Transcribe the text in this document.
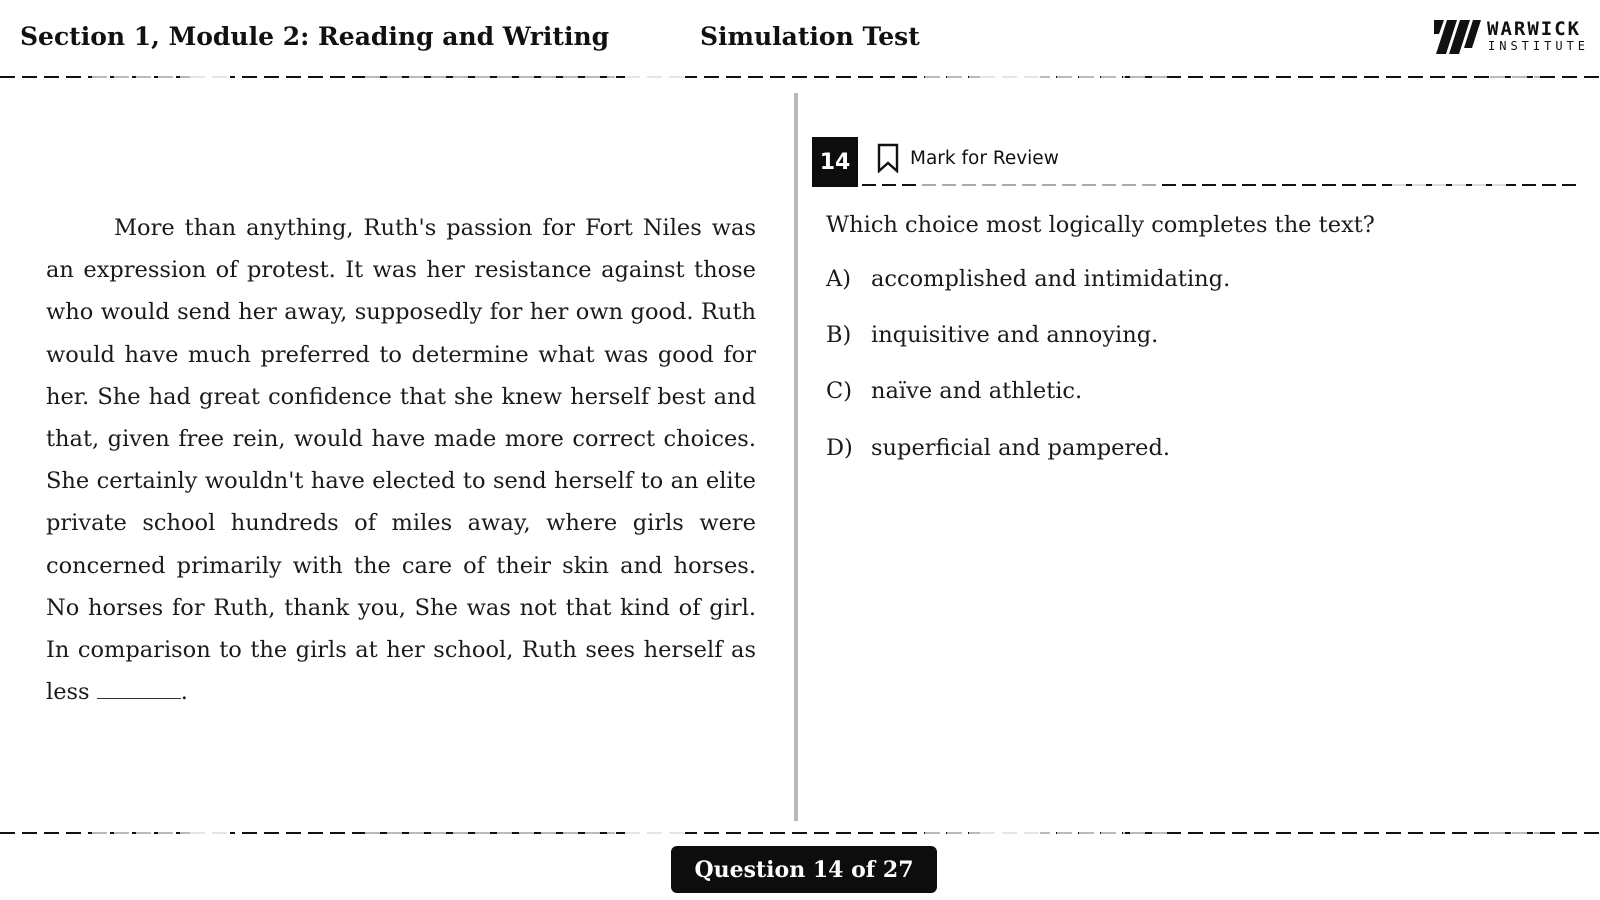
Section 1, Module 2: Reading and Writing	Simulation Test	WARWICK
INSTITUTE
More than anything, Ruth's passion for Fort Niles was an expression of protest. It was her resistance against those who would send her away, supposedly for her own good. Ruth would have much preferred to determine what was good for her. She had great confidence that she knew herself best and that, given free rein, would have made more correct choices. She certainly wouldn't have elected to send herself to an elite private school hundreds of miles away, where girls were concerned primarily with the care of their skin and horses. No horses for Ruth, thank you, She was not that kind of girl. In comparison to the girls at her school, Ruth sees herself as less	.
14	Mark for Review
Which choice most logically completes the text?
A) accomplished and intimidating.
B) inquisitive and annoying.
C) naïve and athletic.
D) superficial and pampered.
Question 14 of 27
